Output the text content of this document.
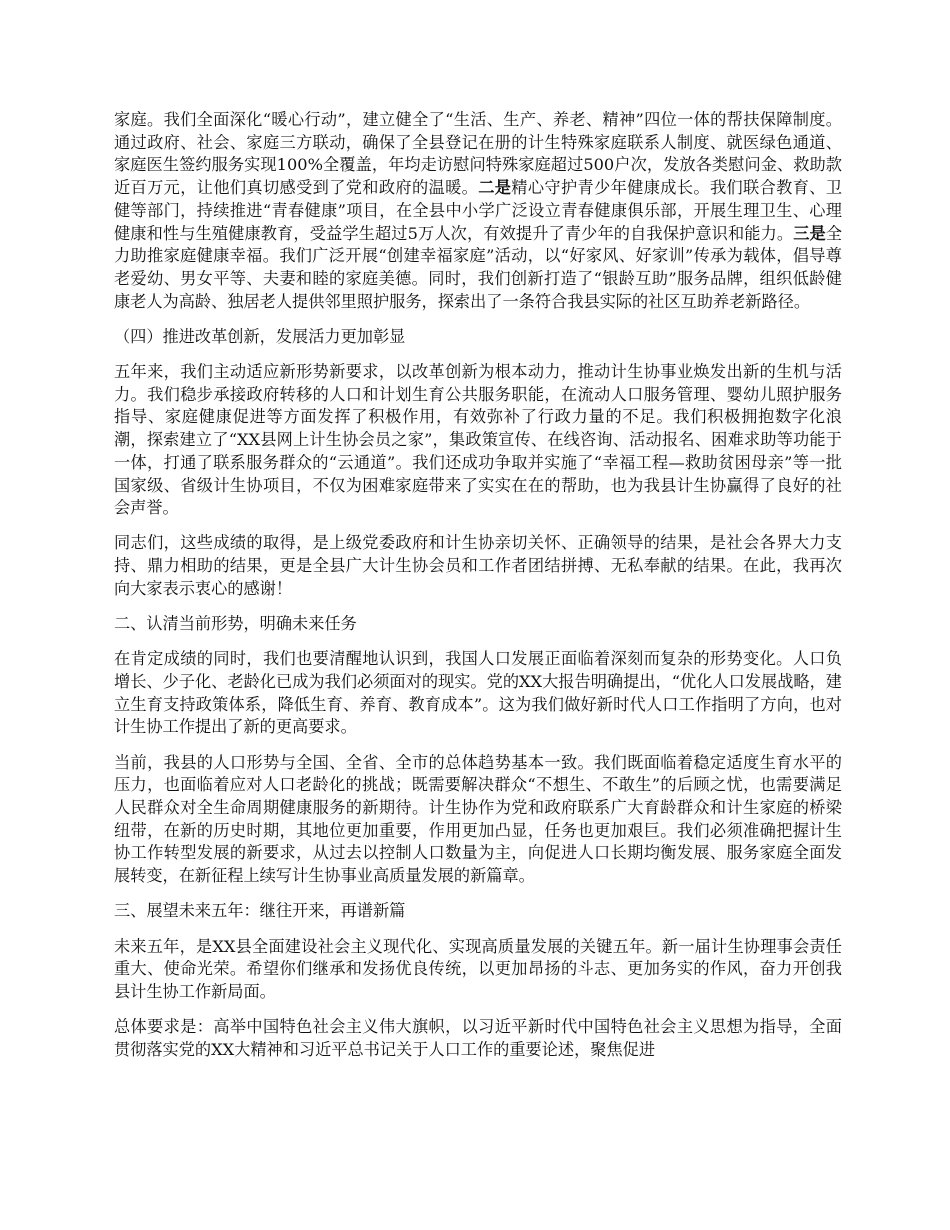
家庭。我们全面深化“暖心行动”，建立健全了“生活、生产、养老、精神”四位一体的帮扶保障制度。通过政府、社会、家庭三方联动，确保了全县登记在册的计生特殊家庭联系人制度、就医绿色通道、家庭医生签约服务实现100%全覆盖，年均走访慰问特殊家庭超过500户次，发放各类慰问金、救助款近百万元，让他们真切感受到了党和政府的温暖。二是精心守护青少年健康成长。我们联合教育、卫健等部门，持续推进“青春健康”项目，在全县中小学广泛设立青春健康俱乐部，开展生理卫生、心理健康和性与生殖健康教育，受益学生超过5万人次，有效提升了青少年的自我保护意识和能力。三是全力助推家庭健康幸福。我们广泛开展“创建幸福家庭”活动，以“好家风、好家训”传承为载体，倡导尊老爱幼、男女平等、夫妻和睦的家庭美德。同时，我们创新打造了“银龄互助”服务品牌，组织低龄健康老人为高龄、独居老人提供邻里照护服务，探索出了一条符合我县实际的社区互助养老新路径。

（四）推进改革创新，发展活力更加彰显

五年来，我们主动适应新形势新要求，以改革创新为根本动力，推动计生协事业焕发出新的生机与活力。我们稳步承接政府转移的人口和计划生育公共服务职能，在流动人口服务管理、婴幼儿照护服务指导、家庭健康促进等方面发挥了积极作用，有效弥补了行政力量的不足。我们积极拥抱数字化浪潮，探索建立了“XX县网上计生协会员之家”，集政策宣传、在线咨询、活动报名、困难求助等功能于一体，打通了联系服务群众的“云通道”。我们还成功争取并实施了“幸福工程—救助贫困母亲”等一批国家级、省级计生协项目，不仅为困难家庭带来了实实在在的帮助，也为我县计生协赢得了良好的社会声誉。

同志们，这些成绩的取得，是上级党委政府和计生协亲切关怀、正确领导的结果，是社会各界大力支持、鼎力相助的结果，更是全县广大计生协会员和工作者团结拼搏、无私奉献的结果。在此，我再次向大家表示衷心的感谢！

二、认清当前形势，明确未来任务

在肯定成绩的同时，我们也要清醒地认识到，我国人口发展正面临着深刻而复杂的形势变化。人口负增长、少子化、老龄化已成为我们必须面对的现实。党的XX大报告明确提出，“优化人口发展战略，建立生育支持政策体系，降低生育、养育、教育成本”。这为我们做好新时代人口工作指明了方向，也对计生协工作提出了新的更高要求。

当前，我县的人口形势与全国、全省、全市的总体趋势基本一致。我们既面临着稳定适度生育水平的压力，也面临着应对人口老龄化的挑战；既需要解决群众“不想生、不敢生”的后顾之忧，也需要满足人民群众对全生命周期健康服务的新期待。计生协作为党和政府联系广大育龄群众和计生家庭的桥梁纽带，在新的历史时期，其地位更加重要，作用更加凸显，任务也更加艰巨。我们必须准确把握计生协工作转型发展的新要求，从过去以控制人口数量为主，向促进人口长期均衡发展、服务家庭全面发展转变，在新征程上续写计生协事业高质量发展的新篇章。

三、展望未来五年：继往开来，再谱新篇

未来五年，是XX县全面建设社会主义现代化、实现高质量发展的关键五年。新一届计生协理事会责任重大、使命光荣。希望你们继承和发扬优良传统，以更加昂扬的斗志、更加务实的作风，奋力开创我县计生协工作新局面。

总体要求是：高举中国特色社会主义伟大旗帜，以习近平新时代中国特色社会主义思想为指导，全面贯彻落实党的XX大精神和习近平总书记关于人口工作的重要论述，聚焦促进
